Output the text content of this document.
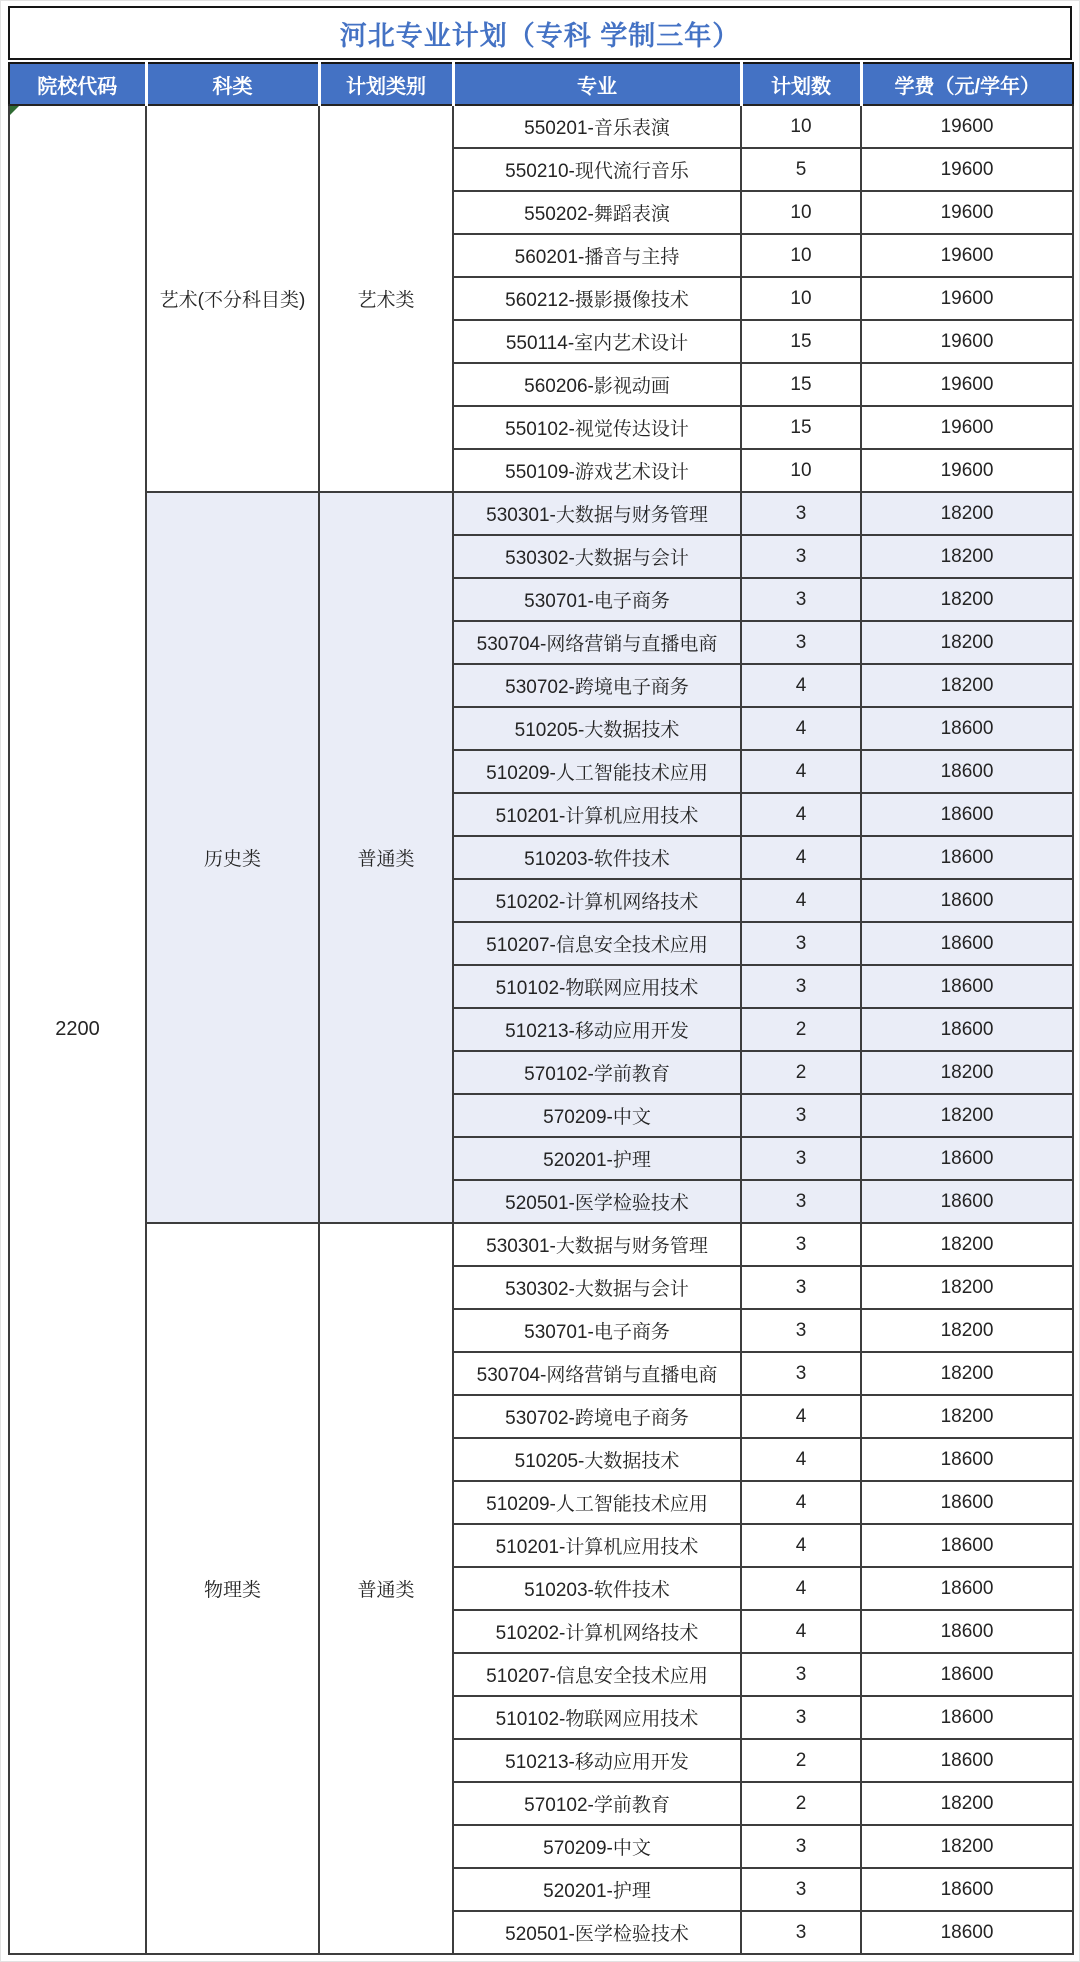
河北专业计划（专科 学制三年）
院校代码	科类	计划类别	专业	计划数	学费（元/学年）

2200	艺术(不分科目类)	艺术类	550201-音乐表演	10	19600
			550210-现代流行音乐	5	19600
			550202-舞蹈表演	10	19600
			560201-播音与主持	10	19600
			560212-摄影摄像技术	10	19600
			550114-室内艺术设计	15	19600
			560206-影视动画	15	19600
			550102-视觉传达设计	15	19600
			550109-游戏艺术设计	10	19600
	历史类	普通类	530301-大数据与财务管理	3	18200
			530302-大数据与会计	3	18200
			530701-电子商务	3	18200
			530704-网络营销与直播电商	3	18200
			530702-跨境电子商务	4	18200
			510205-大数据技术	4	18600
			510209-人工智能技术应用	4	18600
			510201-计算机应用技术	4	18600
			510203-软件技术	4	18600
			510202-计算机网络技术	4	18600
			510207-信息安全技术应用	3	18600
			510102-物联网应用技术	3	18600
			510213-移动应用开发	2	18600
			570102-学前教育	2	18200
			570209-中文	3	18200
			520201-护理	3	18600
			520501-医学检验技术	3	18600
	物理类	普通类	530301-大数据与财务管理	3	18200
			530302-大数据与会计	3	18200
			530701-电子商务	3	18200
			530704-网络营销与直播电商	3	18200
			530702-跨境电子商务	4	18200
			510205-大数据技术	4	18600
			510209-人工智能技术应用	4	18600
			510201-计算机应用技术	4	18600
			510203-软件技术	4	18600
			510202-计算机网络技术	4	18600
			510207-信息安全技术应用	3	18600
			510102-物联网应用技术	3	18600
			510213-移动应用开发	2	18600
			570102-学前教育	2	18200
			570209-中文	3	18200
			520201-护理	3	18600
			520501-医学检验技术	3	18600
